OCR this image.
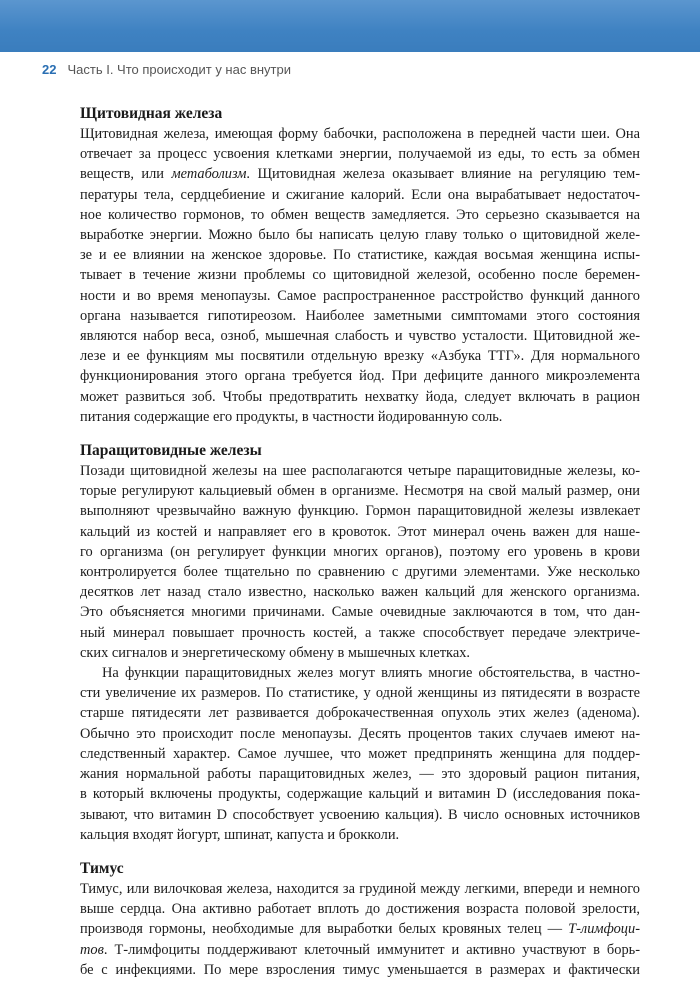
22 Часть I. Что происходит у нас внутри
Щитовидная железа
Щитовидная железа, имеющая форму бабочки, расположена в передней части шеи. Она
отвечает за процесс усвоения клетками энергии, получаемой из еды, то есть за обмен
веществ, или метаболизм. Щитовидная железа оказывает влияние на регуляцию тем-
пературы тела, сердцебиение и сжигание калорий. Если она вырабатывает недостаточ-
ное количество гормонов, то обмен веществ замедляется. Это серьезно сказывается на
выработке энергии. Можно было бы написать целую главу только о щитовидной желе-
зе и ее влиянии на женское здоровье. По статистике, каждая восьмая женщина испы-
тывает в течение жизни проблемы со щитовидной железой, особенно после беремен-
ности и во время менопаузы. Самое распространенное расстройство функций данного
органа называется гипотиреозом. Наиболее заметными симптомами этого состояния
являются набор веса, озноб, мышечная слабость и чувство усталости. Щитовидной же-
лезе и ее функциям мы посвятили отдельную врезку «Азбука ТТГ». Для нормального
функционирования этого органа требуется йод. При дефиците данного микроэлемента
может развиться зоб. Чтобы предотвратить нехватку йода, следует включать в рацион
питания содержащие его продукты, в частности йодированную соль.
Паращитовидные железы
Позади щитовидной железы на шее располагаются четыре паращитовидные железы, ко-
торые регулируют кальциевый обмен в организме. Несмотря на свой малый размер, они
выполняют чрезвычайно важную функцию. Гормон паращитовидной железы извлекает
кальций из костей и направляет его в кровоток. Этот минерал очень важен для наше-
го организма (он регулирует функции многих органов), поэтому его уровень в крови
контролируется более тщательно по сравнению с другими элементами. Уже несколько
десятков лет назад стало известно, насколько важен кальций для женского организма.
Это объясняется многими причинами. Самые очевидные заключаются в том, что дан-
ный минерал повышает прочность костей, а также способствует передаче электриче-
ских сигналов и энергетическому обмену в мышечных клетках.
На функции паращитовидных желез могут влиять многие обстоятельства, в частно-
сти увеличение их размеров. По статистике, у одной женщины из пятидесяти в возрасте
старше пятидесяти лет развивается доброкачественная опухоль этих желез (аденома).
Обычно это происходит после менопаузы. Десять процентов таких случаев имеют на-
следственный характер. Самое лучшее, что может предпринять женщина для поддер-
жания нормальной работы паращитовидных желез, — это здоровый рацион питания,
в который включены продукты, содержащие кальций и витамин D (исследования пока-
зывают, что витамин D способствует усвоению кальция). В число основных источников
кальция входят йогурт, шпинат, капуста и брокколи.
Тимус
Тимус, или вилочковая железа, находится за грудиной между легкими, впереди и немного
выше сердца. Она активно работает вплоть до достижения возраста половой зрелости,
производя гормоны, необходимые для выработки белых кровяных телец — Т-лимфоци-
тов. Т-лимфоциты поддерживают клеточный иммунитет и активно участвуют в борь-
бе с инфекциями. По мере взросления тимус уменьшается в размерах и фактически
